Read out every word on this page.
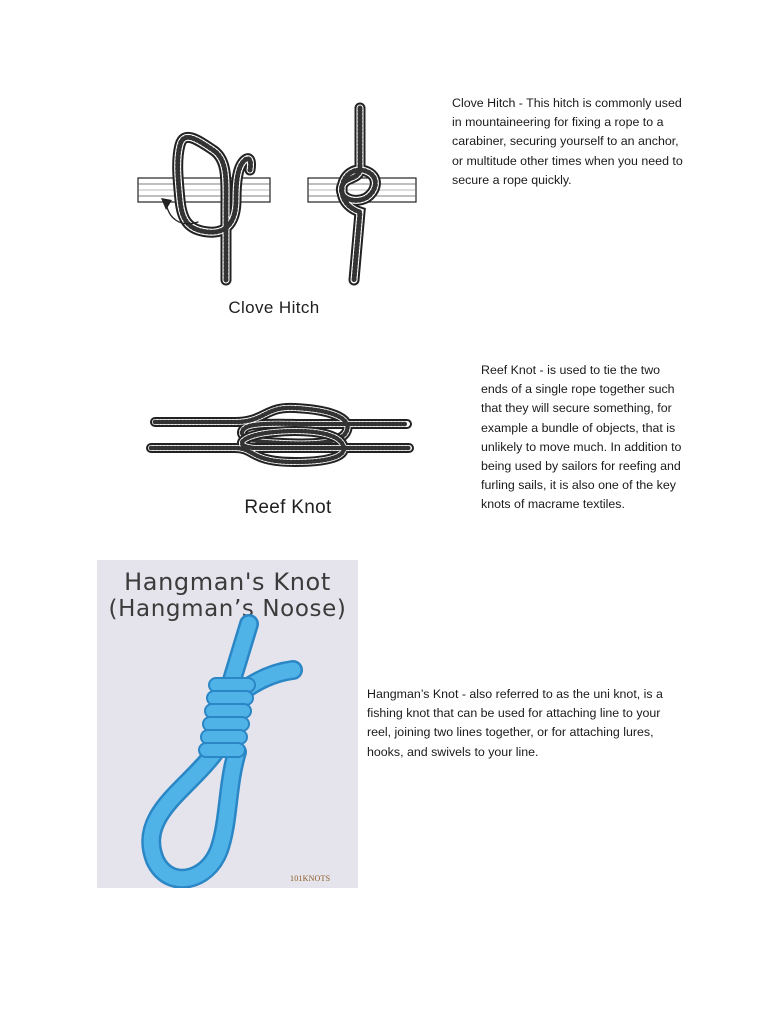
Clove Hitch
Clove Hitch - This hitch is commonly used in mountaineering for fixing a rope to a carabiner, securing yourself to an anchor, or multitude other times when you need to secure a rope quickly.
Reef Knot
Reef Knot - is used to tie the two ends of a single rope together such that they will secure something, for example a bundle of objects, that is unlikely to move much. In addition to being used by sailors for reefing and furling sails, it is also one of the key knots of macrame textiles.
Hangman's Knot
(Hangman’s Noose)
101KNOTS
Hangman’s Knot - also referred to as the uni knot, is a fishing knot that can be used for attaching line to your reel, joining two lines together, or for attaching lures, hooks, and swivels to your line.
